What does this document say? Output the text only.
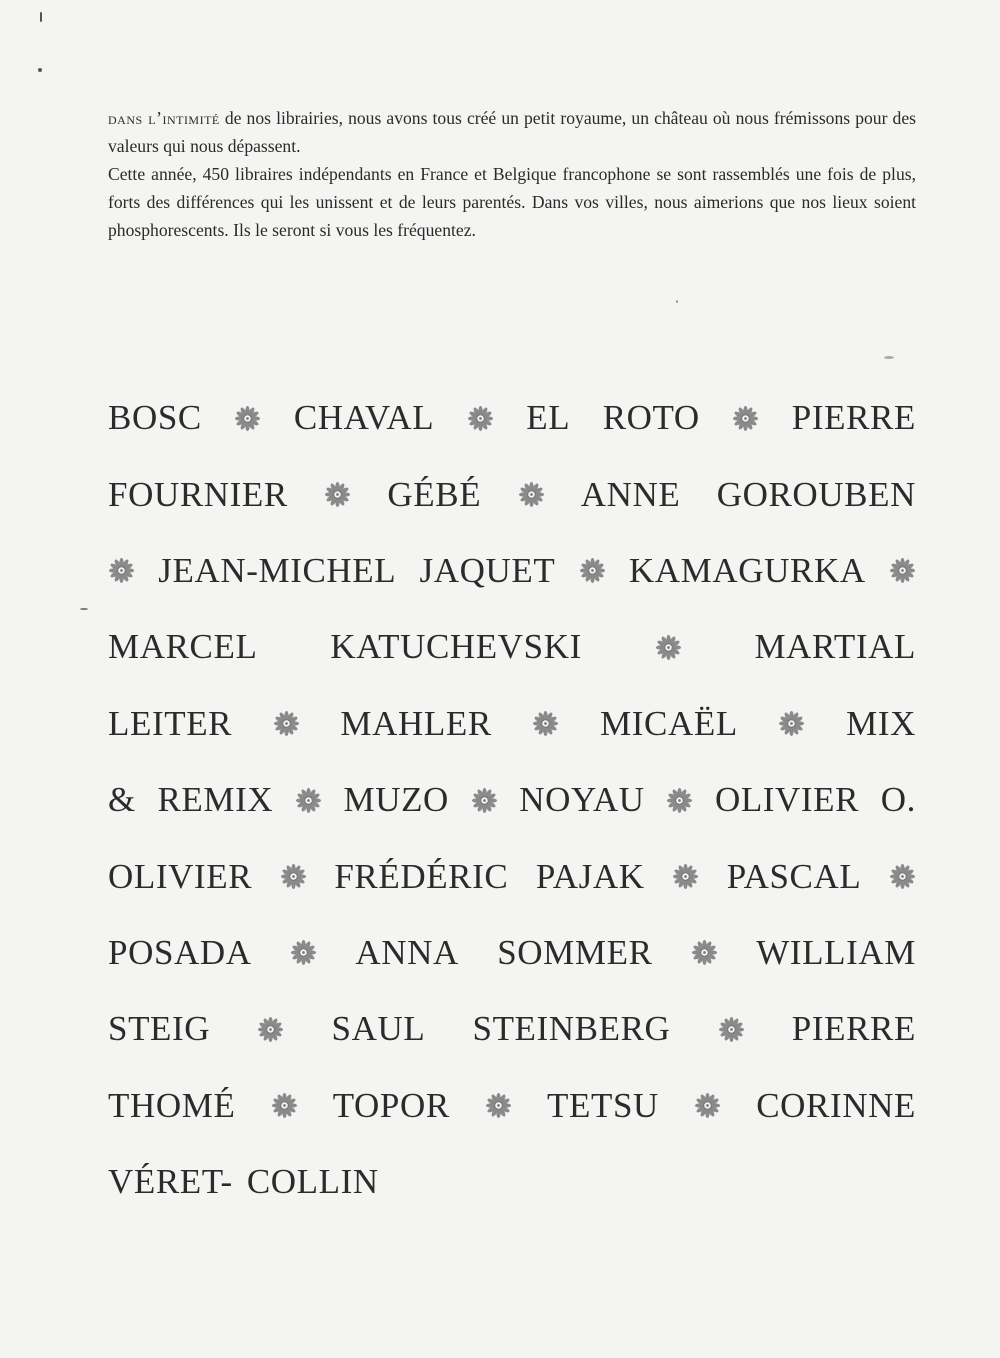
dans l’intimité de nos librairies, nous avons tous créé un petit royaume, un château où nous frémissons pour des valeurs qui nous dépassent.

Cette année, 450 libraires indépendants en France et Belgique francophone se sont rassemblés une fois de plus, forts des différences qui les unissent et de leurs parentés. Dans vos villes, nous aimerions que nos lieux soient phosphorescents. Ils le seront si vous les fréquentez.

BOSC	CHAVAL	EL ROTO	PIERRE
FOURNIER	GÉBÉ	ANNE GOROUBEN
JEAN-MICHEL JAQUET KAMAGURKA
MARCEL KATUCHEVSKI	MARTIAL
LEITER	MAHLER	MICAËL	MIX
& REMIX MUZO NOYAU OLIVIER O.
OLIVIER FRÉDÉRIC PAJAK PASCAL
POSADA	ANNA SOMMER	WILLIAM
STEIG	SAUL STEINBERG	PIERRE
THOMÉ	TOPOR	TETSU	CORINNE
VÉRET- COLLIN
